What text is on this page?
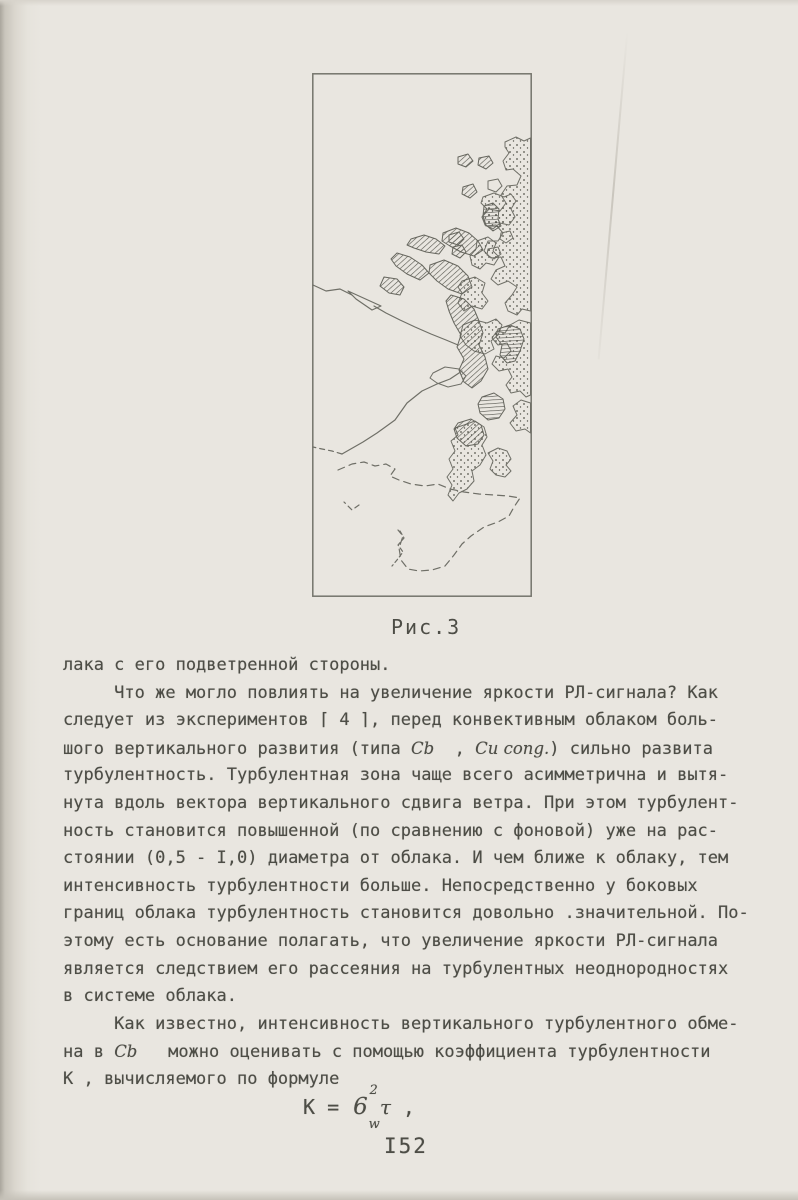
Рис.3
лака с его подветренной стороны.
Что же могло повлиять на увеличение яркости РЛ-сигнала? Как
следует из экспериментов ⌈ 4 ⌉, перед конвективным облаком боль-
шого вертикального развития (типа Cb  , Cu cong.) сильно развита
турбулентность. Турбулентная зона чаще всего асимметрична и вытя-
нута вдоль вектора вертикального сдвига ветра. При этом турбулент-
ность становится повышенной (по сравнению с фоновой) уже на рас-
стоянии (0,5 - I,0) диаметра от облака. И чем ближе к облаку, тем
интенсивность турбулентности больше. Непосредственно у боковых
границ облака турбулентность становится довольно .значительной. По-
этому есть основание полагать, что увеличение яркости РЛ-сигнала
является следствием его рассеяния на турбулентных неоднородностях
в системе облака.
Как известно, интенсивность вертикального турбулентного обме-
на в Cb   можно оценивать с помощью коэффициента турбулентности
К , вычисляемого по формуле
К = 6
2
w
τ ,
I52
